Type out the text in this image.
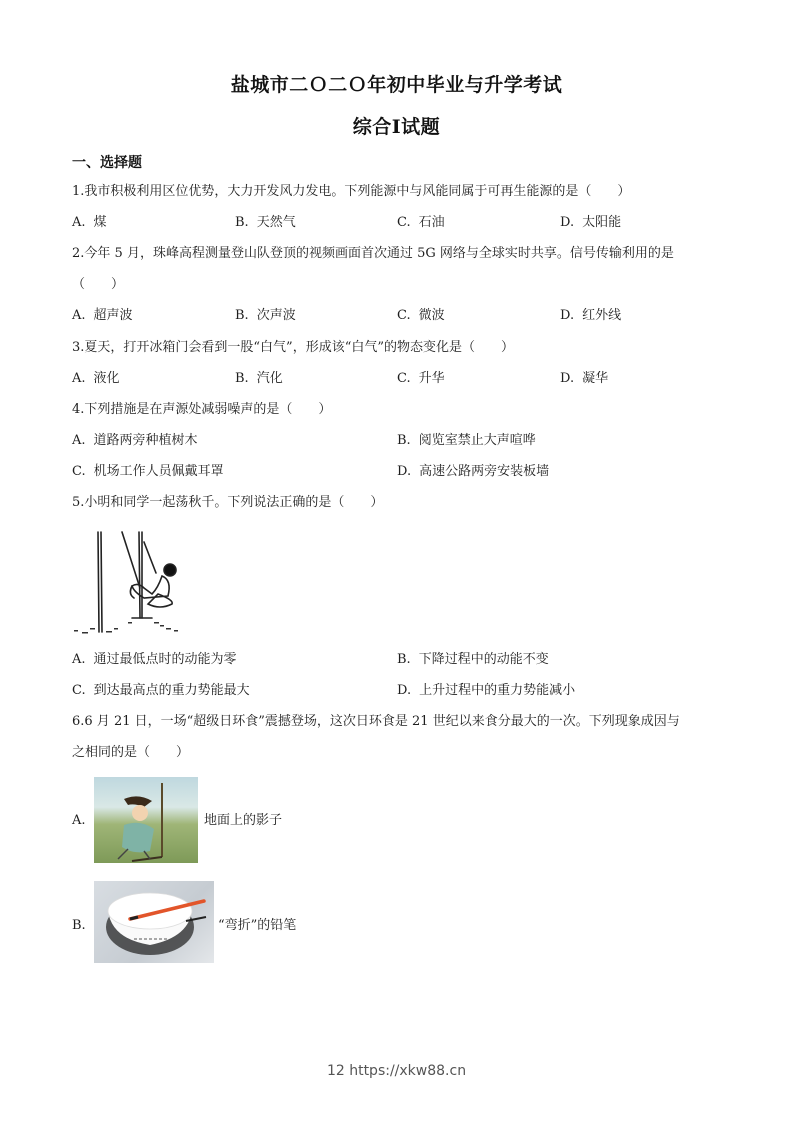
盐城市二Ｏ二Ｏ年初中毕业与升学考试
综合Ⅰ试题
一、选择题
1.我市积极利用区位优势，大力开发风力发电。下列能源中与风能同属于可再生能源的是（　　）
A. 煤	B. 天然气	C. 石油	D. 太阳能
2.今年 5 月，珠峰高程测量登山队登顶的视频画面首次通过 5G 网络与全球实时共享。信号传输利用的是
（　　）
A. 超声波	B. 次声波	C. 微波	D. 红外线
3.夏天，打开冰箱门会看到一股“白气”，形成该“白气”的物态变化是（　　）
A. 液化	B. 汽化	C. 升华	D. 凝华
4.下列措施是在声源处减弱噪声的是（　　）
A. 道路两旁种植树木	B. 阅览室禁止大声喧哗
C. 机场工作人员佩戴耳罩	D. 高速公路两旁安装板墙
5.小明和同学一起荡秋千。下列说法正确的是（　　）
A. 通过最低点时的动能为零	B. 下降过程中的动能不变
C. 到达最高点的重力势能最大	D. 上升过程中的重力势能减小
6.6 月 21 日，一场“超级日环食”震撼登场，这次日环食是 21 世纪以来食分最大的一次。下列现象成因与
之相同的是（　　）
A.	地面上的影子
B.	“弯折”的铅笔
12 https://xkw88.cn
